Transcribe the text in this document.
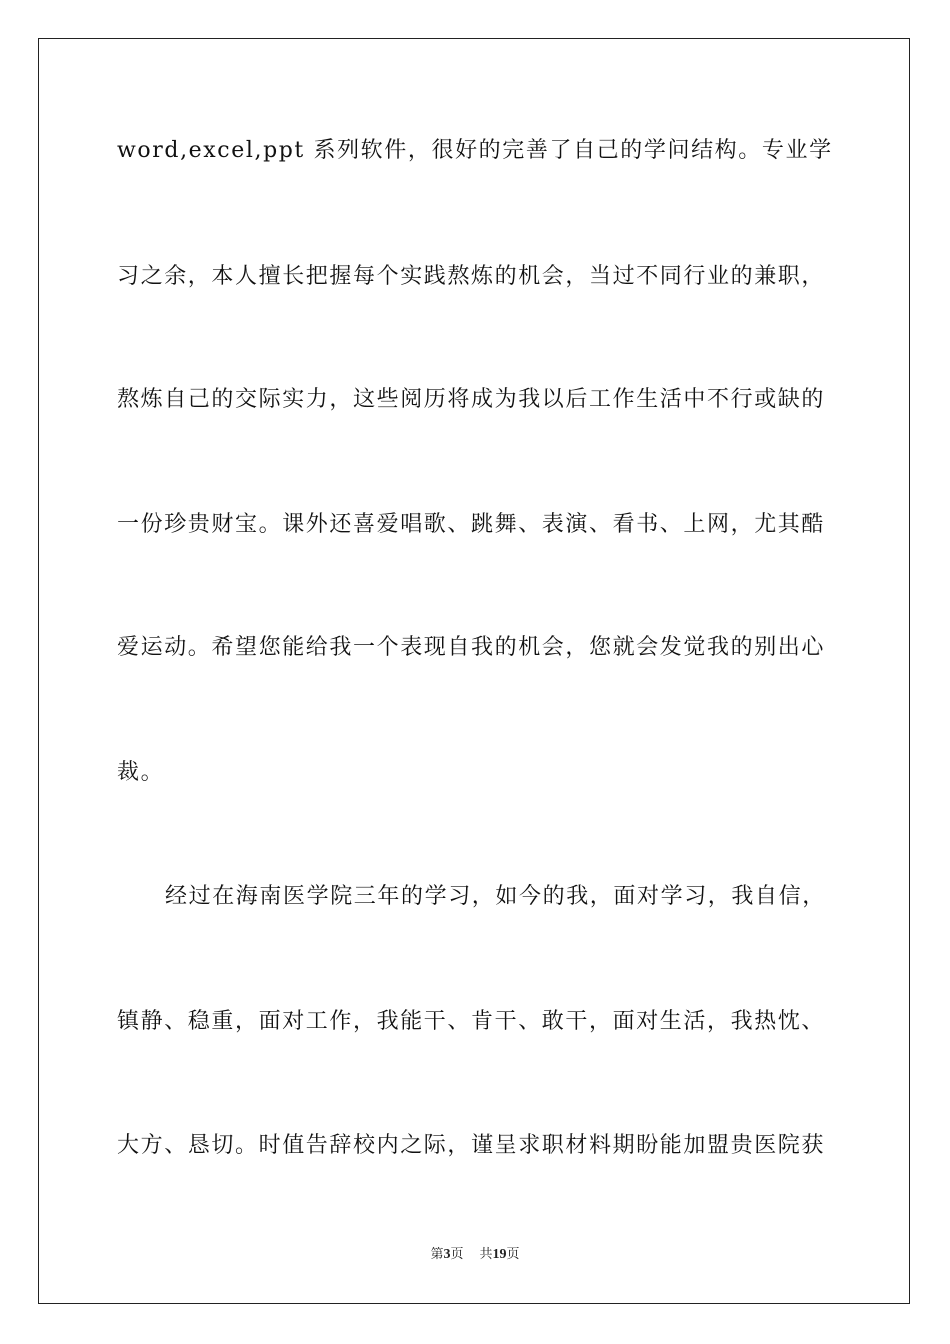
word,excel,ppt 系列软件，很好的完善了自己的学问结构。专业学
习之余，本人擅长把握每个实践熬炼的机会，当过不同行业的兼职，
熬炼自己的交际实力，这些阅历将成为我以后工作生活中不行或缺的
一份珍贵财宝。课外还喜爱唱歌、跳舞、表演、看书、上网，尤其酷
爱运动。希望您能给我一个表现自我的机会，您就会发觉我的别出心
裁。
经过在海南医学院三年的学习，如今的我，面对学习，我自信，
镇静、稳重，面对工作，我能干、肯干、敢干，面对生活，我热忱、
大方、恳切。时值告辞校内之际，谨呈求职材料期盼能加盟贵医院获
第3页 共19页
